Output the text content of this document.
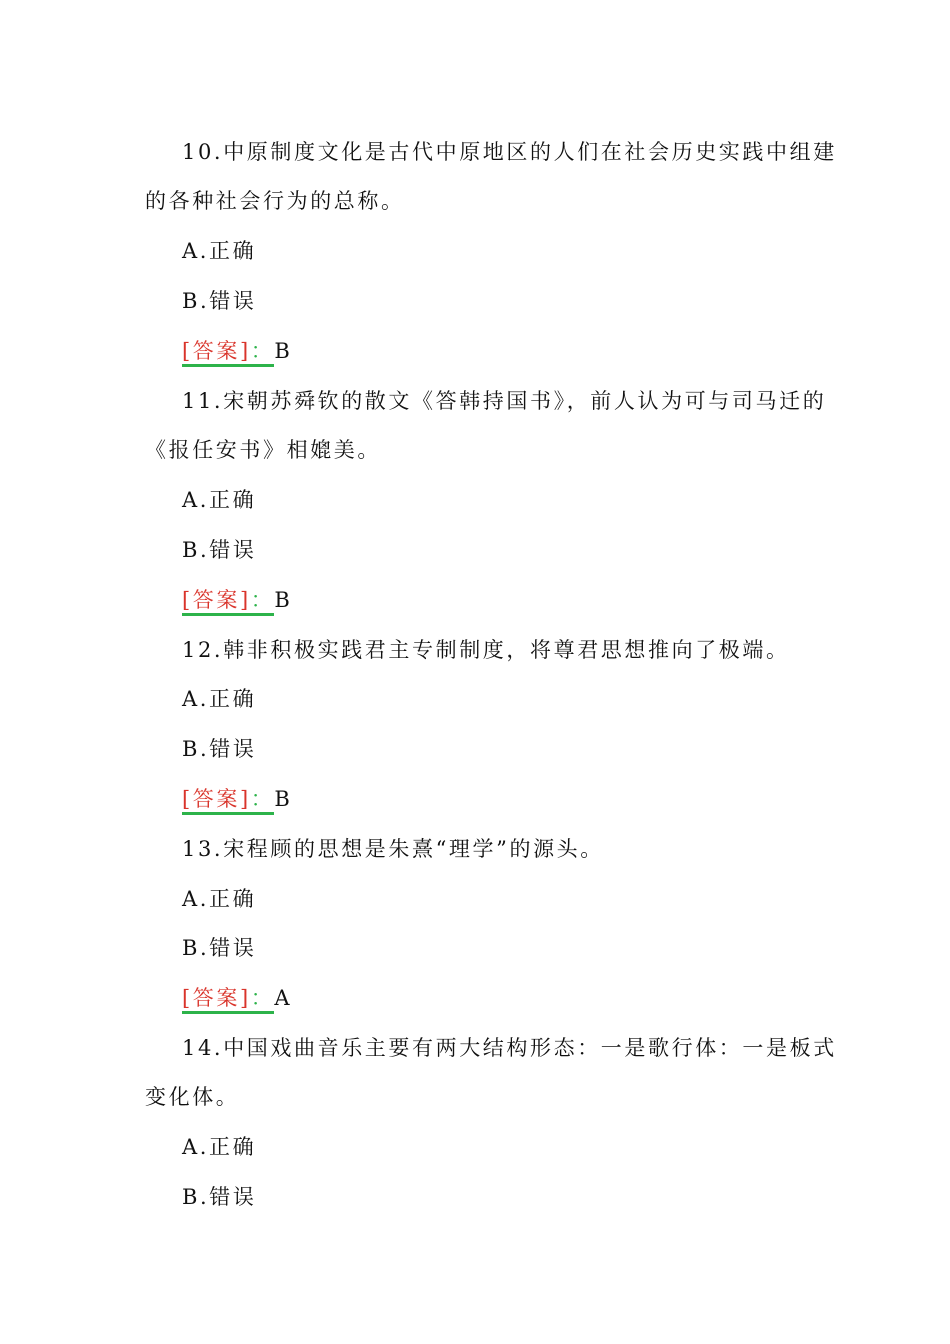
10.中原制度文化是古代中原地区的人们在社会历史实践中组建
的各种社会行为的总称。
A.正确
B.错误
[答案]：
B
11.宋朝苏舜钦的散文《答韩持国书》，前人认为可与司马迁的
《报任安书》相媲美。
A.正确
B.错误
[答案]：
B
12.韩非积极实践君主专制制度，将尊君思想推向了极端。
A.正确
B.错误
[答案]：
B
13.宋程顾的思想是朱熹“理学”的源头。
A.正确
B.错误
[答案]：
A
14.中国戏曲音乐主要有两大结构形态：一是歌行体：一是板式
变化体。
A.正确
B.错误
